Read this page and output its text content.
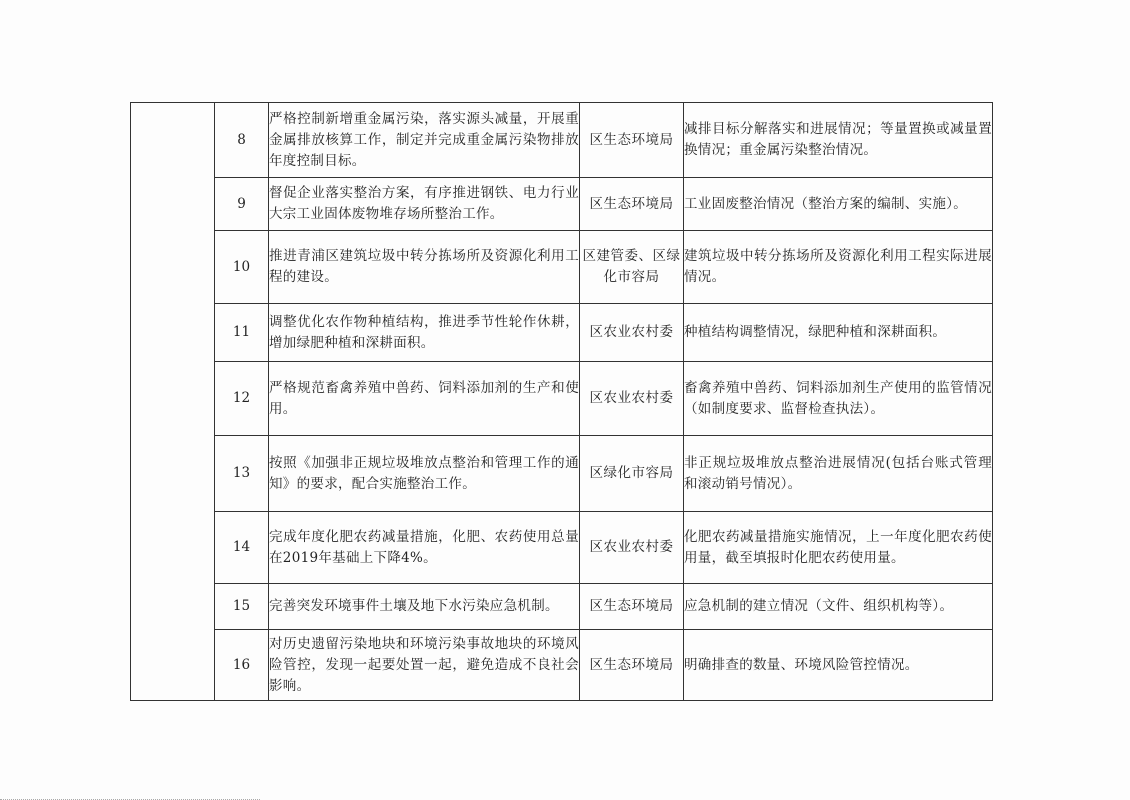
	8	严格控制新增重金属污染，落实源头减量，开展重金属排放核算工作，制定并完成重金属污染物排放年度控制目标。	区生态环境局	减排目标分解落实和进展情况；等量置换或减量置换情况；重金属污染整治情况。
	9	督促企业落实整治方案，有序推进钢铁、电力行业大宗工业固体废物堆存场所整治工作。	区生态环境局	工业固废整治情况（整治方案的编制、实施）。
	10	推进青浦区建筑垃圾中转分拣场所及资源化利用工程的建设。	区建管委、区绿化市容局	建筑垃圾中转分拣场所及资源化利用工程实际进展情况。
	11	调整优化农作物种植结构，推进季节性轮作休耕，增加绿肥种植和深耕面积。	区农业农村委	种植结构调整情况，绿肥种植和深耕面积。
	12	严格规范畜禽养殖中兽药、饲料添加剂的生产和使用。	区农业农村委	畜禽养殖中兽药、饲料添加剂生产使用的监管情况（如制度要求、监督检查执法）。
	13	按照《加强非正规垃圾堆放点整治和管理工作的通知》的要求，配合实施整治工作。	区绿化市容局	非正规垃圾堆放点整治进展情况(包括台账式管理和滚动销号情况）。
	14	完成年度化肥农药减量措施，化肥、农药使用总量在2019年基础上下降4%。	区农业农村委	化肥农药减量措施实施情况，上一年度化肥农药使用量，截至填报时化肥农药使用量。
	15	完善突发环境事件土壤及地下水污染应急机制。	区生态环境局	应急机制的建立情况（文件、组织机构等）。
	16	对历史遗留污染地块和环境污染事故地块的环境风险管控，发现一起要处置一起，避免造成不良社会影响。	区生态环境局	明确排查的数量、环境风险管控情况。
